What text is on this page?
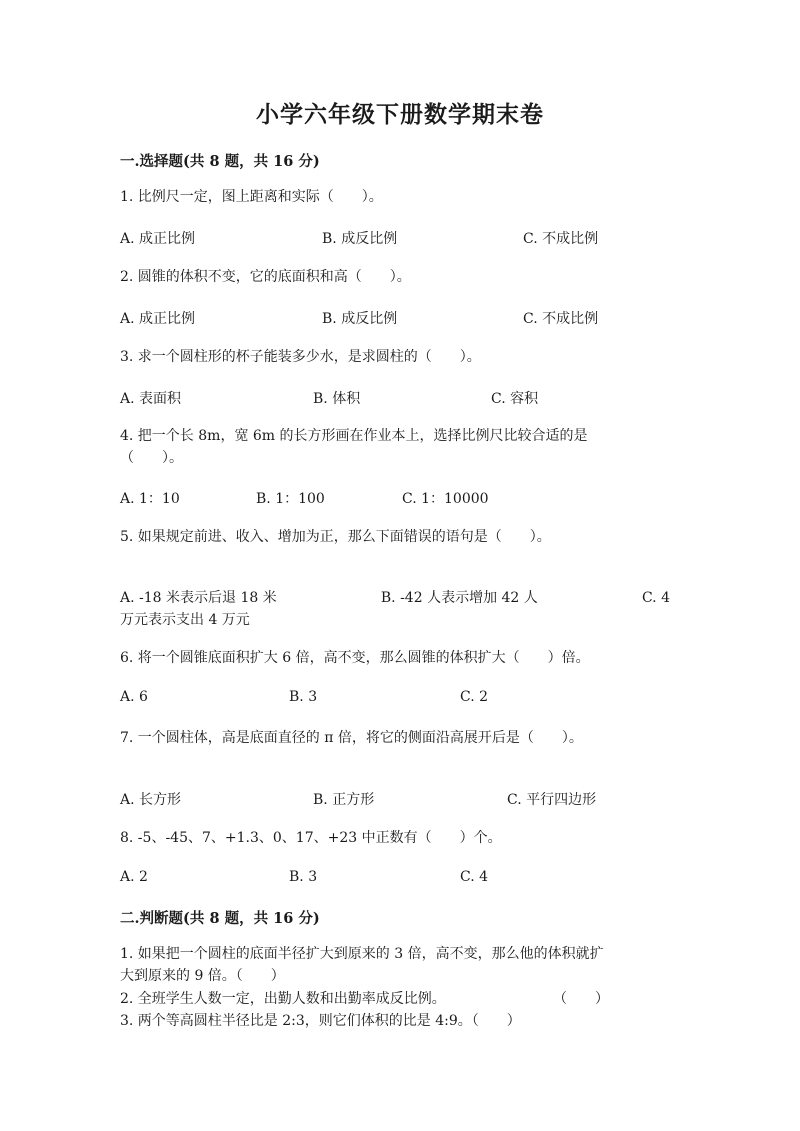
小学六年级下册数学期末卷
一.选择题(共 8 题，共 16 分)
1. 比例尺一定，图上距离和实际（　　）。
A. 成正比例	B. 成反比例	C. 不成比例
2. 圆锥的体积不变，它的底面积和高（　　）。
A. 成正比例	B. 成反比例	C. 不成比例
3. 求一个圆柱形的杯子能装多少水，是求圆柱的（　　）。
A. 表面积	B. 体积	C. 容积
4. 把一个长 8m，宽 6m 的长方形画在作业本上，选择比例尺比较合适的是
（　　）。
A. 1：10	B. 1：100	C. 1：10000
5. 如果规定前进、收入、增加为正，那么下面错误的语句是（　　）。
A. -18 米表示后退 18 米	B. -42 人表示增加 42 人	C. 4
万元表示支出 4 万元
6. 将一个圆锥底面积扩大 6 倍，高不变，那么圆锥的体积扩大（　　）倍。
A. 6	B. 3	C. 2
7. 一个圆柱体，高是底面直径的 π 倍，将它的侧面沿高展开后是（　　）。
A. 长方形	B. 正方形	C. 平行四边形
8. -5、-45、7、+1.3、0、17、+23 中正数有（　　）个。
A. 2	B. 3	C. 4
二.判断题(共 8 题，共 16 分)
1. 如果把一个圆柱的底面半径扩大到原来的 3 倍，高不变，那么他的体积就扩
大到原来的 9 倍。（　　）
2. 全班学生人数一定，出勤人数和出勤率成反比例。	（　　）
3. 两个等高圆柱半径比是 2:3，则它们体积的比是 4:9。（　　）
